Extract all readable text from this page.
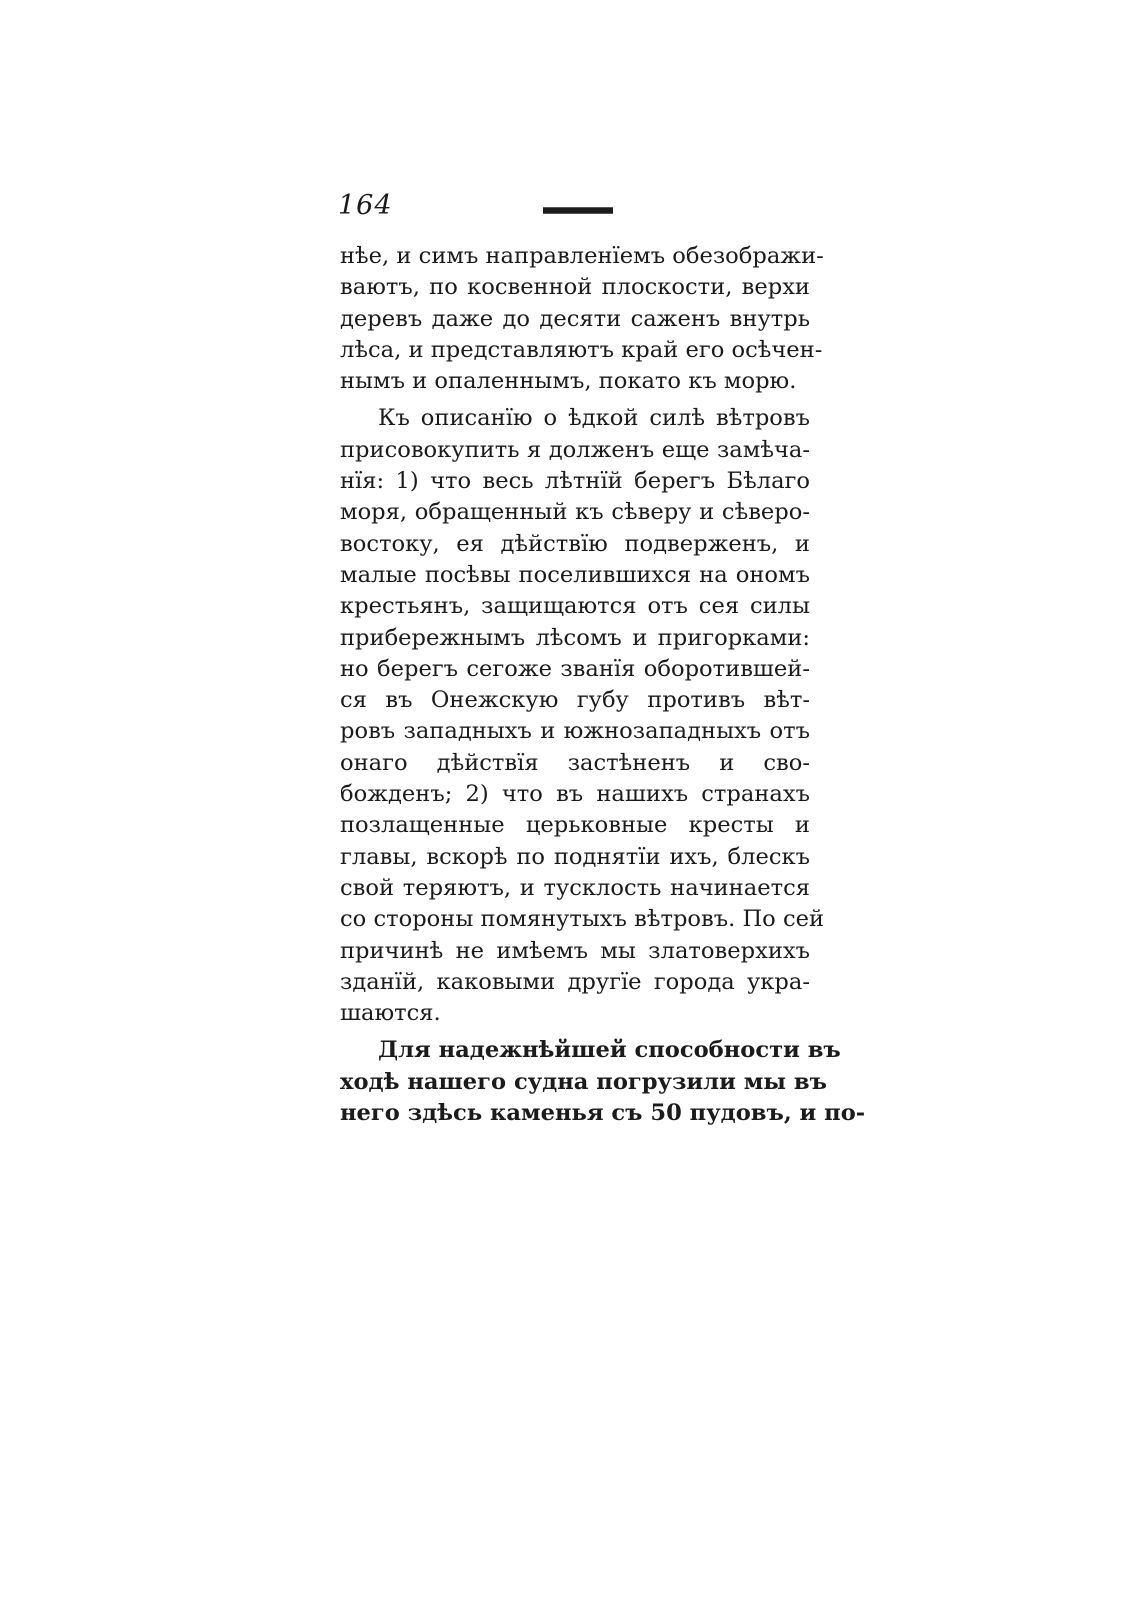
164
нѣе, и симъ направленїемъ обезображи-
ваютъ, по косвенной плоскости, верхи
деревъ даже до десяти саженъ внутрь
лѣса, и представляютъ край его осѣчен-
нымъ и опаленнымъ, покато къ морю.
Къ описанїю о ѣдкой силѣ вѣтровъ
присовокупить я долженъ еще замѣча-
нїя: 1) что весь лѣтнїй берегъ Бѣлаго
моря, обращенный къ сѣверу и сѣверо-
востоку, ея дѣйствїю подверженъ, и
малые посѣвы поселившихся на ономъ
крестьянъ, защищаются отъ сея силы
прибережнымъ лѣсомъ и пригорками:
но берегъ сегоже званїя оборотившей-
ся въ Онежскую губу противъ вѣт-
ровъ западныхъ и южнозападныхъ отъ
онаго дѣйствїя застѣненъ и сво-
божденъ; 2) что въ нашихъ странахъ
позлащенные церьковные кресты и
главы, вскорѣ по поднятїи ихъ, блескъ
свой теряютъ, и тусклость начинается
со стороны помянутыхъ вѣтровъ. По сей
причинѣ не имѣемъ мы златоверхихъ
зданїй, каковыми другїе города укра-
шаются.
Для надежнѣйшей способности въ
ходѣ нашего судна погрузили мы въ
него здѣсь каменья съ 50 пудовъ, и по-
